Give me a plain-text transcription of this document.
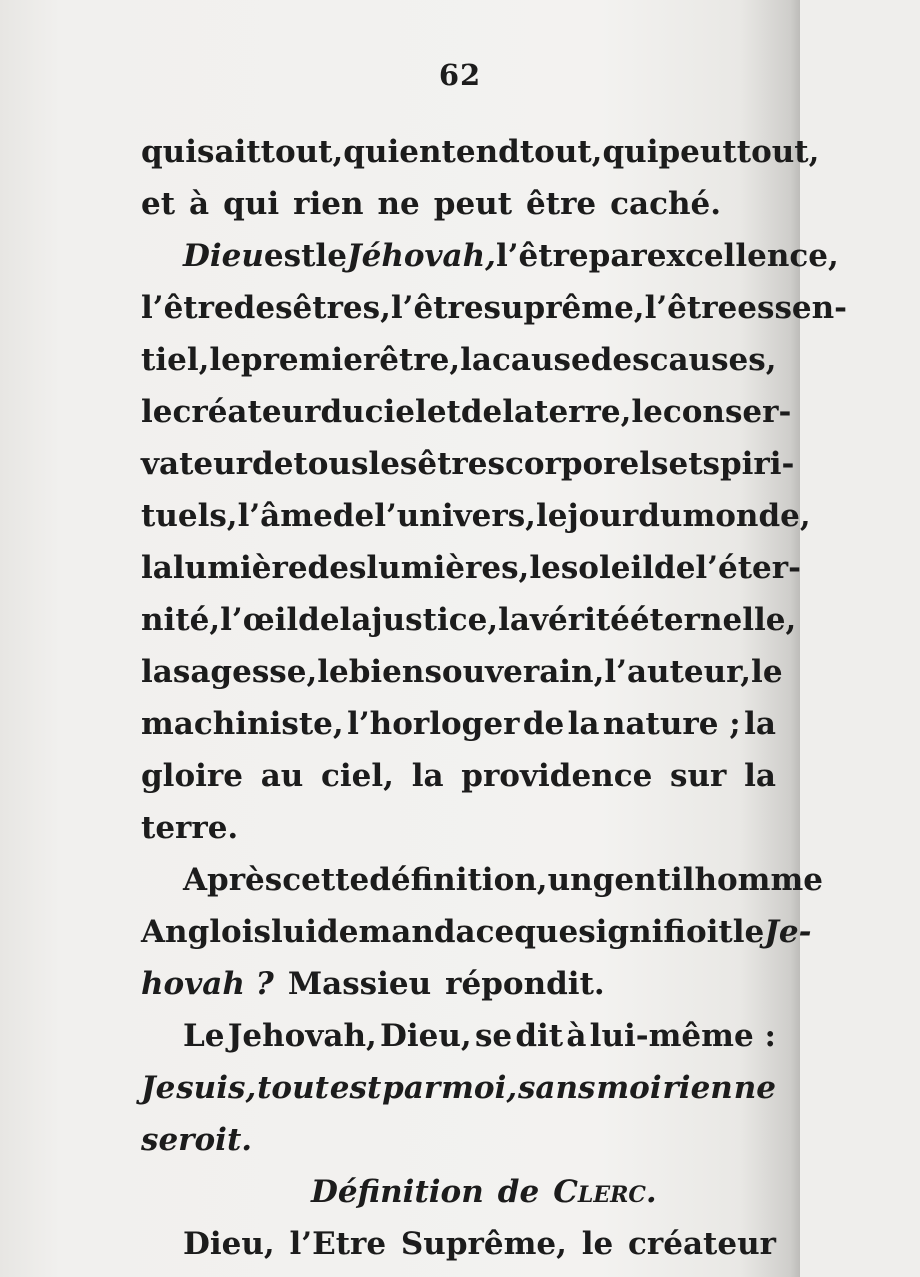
62
qui sait tout, qui entend tout, qui peut tout,
et à qui rien ne peut être caché.
Dieu est le Jéhovah, l’être par excellence,
l’être des êtres, l’être suprême, l’être essen-
tiel, le premier être, la cause des causes,
le créateur du ciel et de la terre, le conser-
vateur de tous les êtres corporels et spiri-
tuels, l’âme de l’univers, le jour du monde,
la lumière des lumières, le soleil de l’éter-
nité, l’œil de la justice, la vérité éternelle,
la sagesse, le bien souverain, l’auteur, le
machiniste, l’horloger de la nature ; la
gloire au ciel, la providence sur la
terre.
Après cette définition, un gentilhomme
Anglois lui demanda ce que signifioit le Je-
hovah ? Massieu répondit.
Le Jehovah, Dieu, se dit à lui-même :
Je suis, tout est par moi, sans moi rien ne
seroit.
Définition de Clerc.
Dieu, l’Etre Suprême, le créateur
